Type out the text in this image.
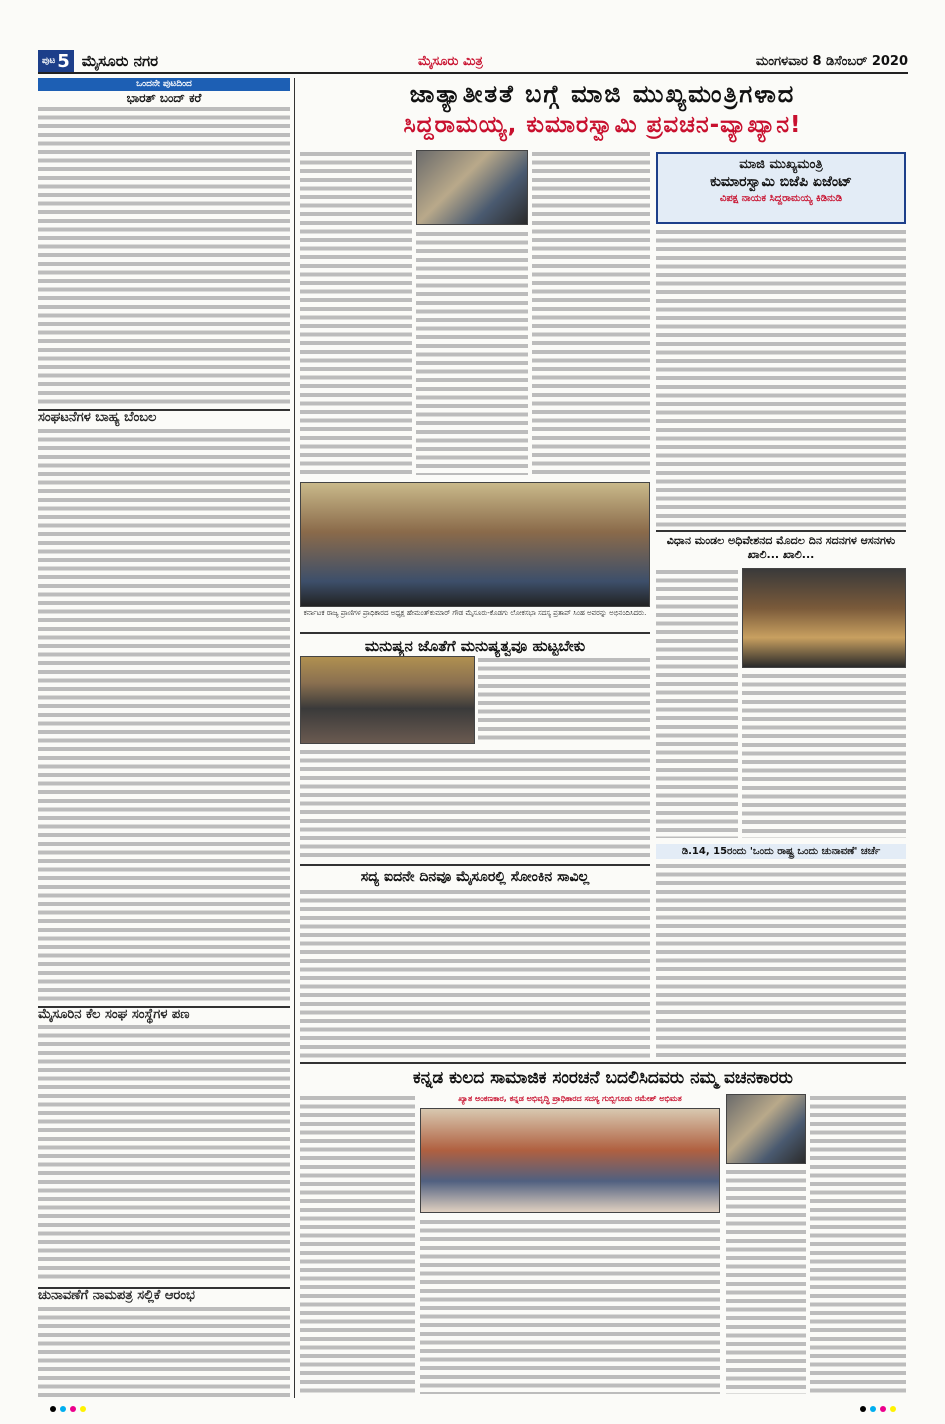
ಪುಟ 5 ಮೈಸೂರು ನಗರ	ಮೈಸೂರು ಮಿತ್ರ	ಮಂಗಳವಾರ 8 ಡಿಸೆಂಬರ್ 2020
ಒಂದನೇ ಪುಟದಿಂದ
ಭಾರತ್ ಬಂದ್ ಕರೆ
ಸಂಘಟನೆಗಳ ಬಾಹ್ಯ ಬೆಂಬಲ
ಮೈಸೂರಿನ ಕೆಲ ಸಂಘ ಸಂಸ್ಥೆಗಳ ಪಣ
ಚುನಾವಣೆಗೆ ನಾಮಪತ್ರ ಸಲ್ಲಿಕೆ ಆರಂಭ
ಜಾತ್ಯಾತೀತತೆ ಬಗ್ಗೆ ಮಾಜಿ ಮುಖ್ಯಮಂತ್ರಿಗಳಾದ
ಸಿದ್ದರಾಮಯ್ಯ, ಕುಮಾರಸ್ವಾಮಿ ಪ್ರವಚನ-ವ್ಯಾಖ್ಯಾನ!
ಮಾಜಿ ಮುಖ್ಯಮಂತ್ರಿ
ಕುಮಾರಸ್ವಾಮಿ ಬಿಜೆಪಿ ಏಜೆಂಟ್
ವಿಪಕ್ಷ ನಾಯಕ ಸಿದ್ದರಾಮಯ್ಯ ಕಿಡಿನುಡಿ
ಕರ್ನಾಟಕ ರಾಜ್ಯ ಪ್ರಾಣಿಗಳ ಪ್ರಾಧಿಕಾರದ ಅಧ್ಯಕ್ಷ ಹೇಮಂತ್‌ಕುಮಾರ್ ಗೌಡ ಮೈಸೂರು-ಕೊಡಗು ಲೋಕಸಭಾ ಸದಸ್ಯ ಪ್ರತಾಪ್ ಸಿಂಹ ಅವರನ್ನು ಅಭಿನಂದಿಸಿದರು.
ವಿಧಾನ ಮಂಡಲ ಅಧಿವೇಶನದ ಮೊದಲ ದಿನ ಸದನಗಳ ಆಸನಗಳು ಖಾಲಿ... ಖಾಲಿ...
ಮನುಷ್ಯನ ಜೊತೆಗೆ ಮನುಷ್ಯತ್ವವೂ ಹುಟ್ಟಬೇಕು
ಡಿ.14, 15ರಂದು 'ಒಂದು ರಾಷ್ಟ್ರ ಒಂದು ಚುನಾವಣೆ' ಚರ್ಚೆ
ಸದ್ಯ ಐದನೇ ದಿನವೂ ಮೈಸೂರಲ್ಲಿ ಸೋಂಕಿನ ಸಾವಿಲ್ಲ
ಕನ್ನಡ ಕುಲದ ಸಾಮಾಜಿಕ ಸಂರಚನೆ ಬದಲಿಸಿದವರು ನಮ್ಮ ವಚನಕಾರರು
ಖ್ಯಾತ ಅಂಕಣಕಾರ, ಕನ್ನಡ ಅಭಿವೃದ್ಧಿ ಪ್ರಾಧಿಕಾರದ ಸದಸ್ಯ ಗುಬ್ಬಿಗೂಡು ರಮೇಶ್ ಅಭಿಮತ
